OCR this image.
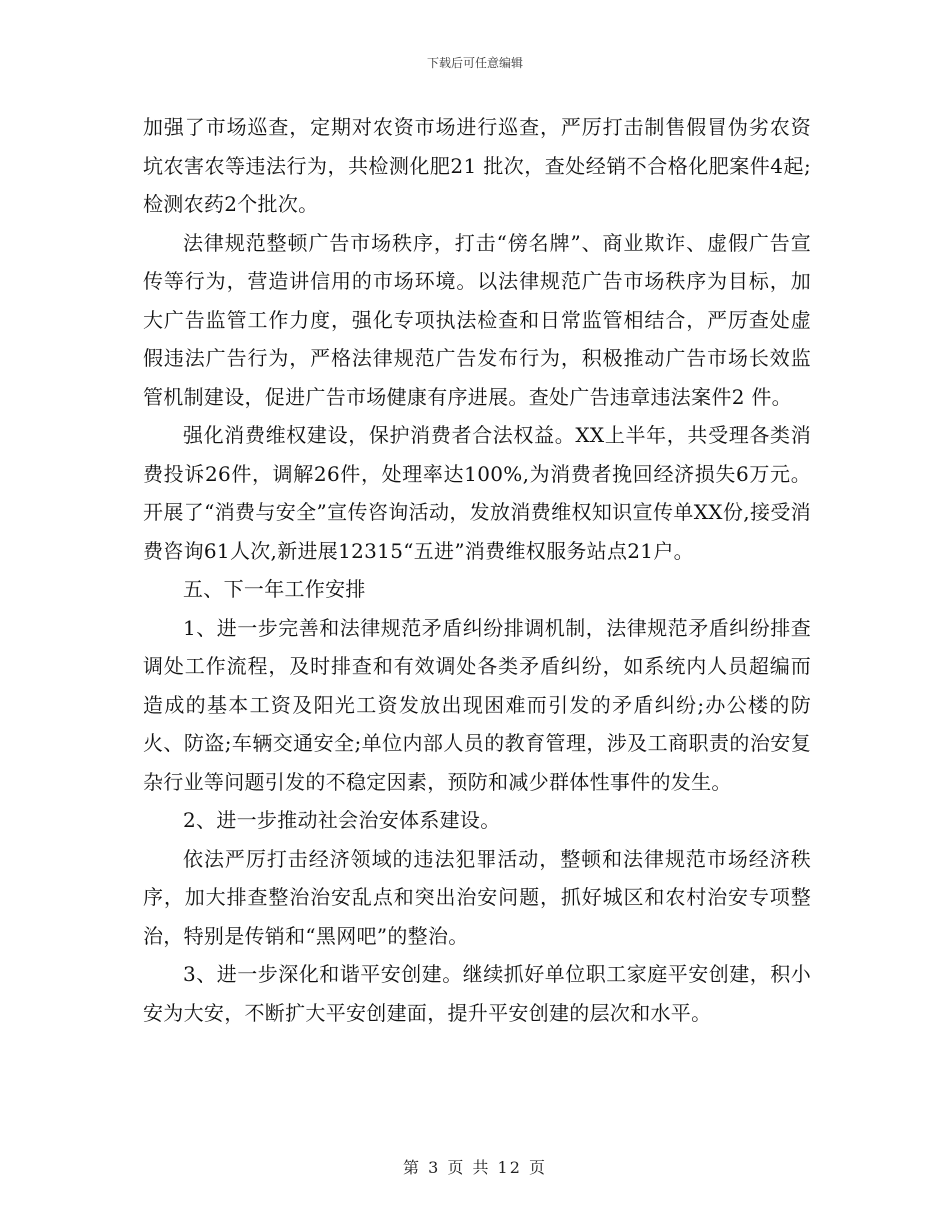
下载后可任意编辑

加强了市场巡查，定期对农资市场进行巡查，严厉打击制售假冒伪劣农资坑农害农等违法行为，共检测化肥21 批次，查处经销不合格化肥案件4起;检测农药2个批次。

法律规范整顿广告市场秩序，打击“傍名牌”、商业欺诈、虚假广告宣传等行为，营造讲信用的市场环境。以法律规范广告市场秩序为目标，加大广告监管工作力度，强化专项执法检查和日常监管相结合，严厉查处虚假违法广告行为，严格法律规范广告发布行为，积极推动广告市场长效监管机制建设，促进广告市场健康有序进展。查处广告违章违法案件2 件。

强化消费维权建设，保护消费者合法权益。XX上半年，共受理各类消费投诉26件，调解26件，处理率达100%,为消费者挽回经济损失6万元。开展了“消费与安全”宣传咨询活动，发放消费维权知识宣传单XX份,接受消费咨询61人次,新进展12315“五进”消费维权服务站点21户。

五、下一年工作安排

1、进一步完善和法律规范矛盾纠纷排调机制，法律规范矛盾纠纷排查调处工作流程，及时排查和有效调处各类矛盾纠纷，如系统内人员超编而造成的基本工资及阳光工资发放出现困难而引发的矛盾纠纷;办公楼的防火、防盗;车辆交通安全;单位内部人员的教育管理，涉及工商职责的治安复杂行业等问题引发的不稳定因素，预防和减少群体性事件的发生。

2、进一步推动社会治安体系建设。

依法严厉打击经济领域的违法犯罪活动，整顿和法律规范市场经济秩序，加大排查整治治安乱点和突出治安问题，抓好城区和农村治安专项整治，特别是传销和“黑网吧”的整治。

3、进一步深化和谐平安创建。继续抓好单位职工家庭平安创建，积小安为大安，不断扩大平安创建面，提升平安创建的层次和水平。

第 3 页 共 12 页
